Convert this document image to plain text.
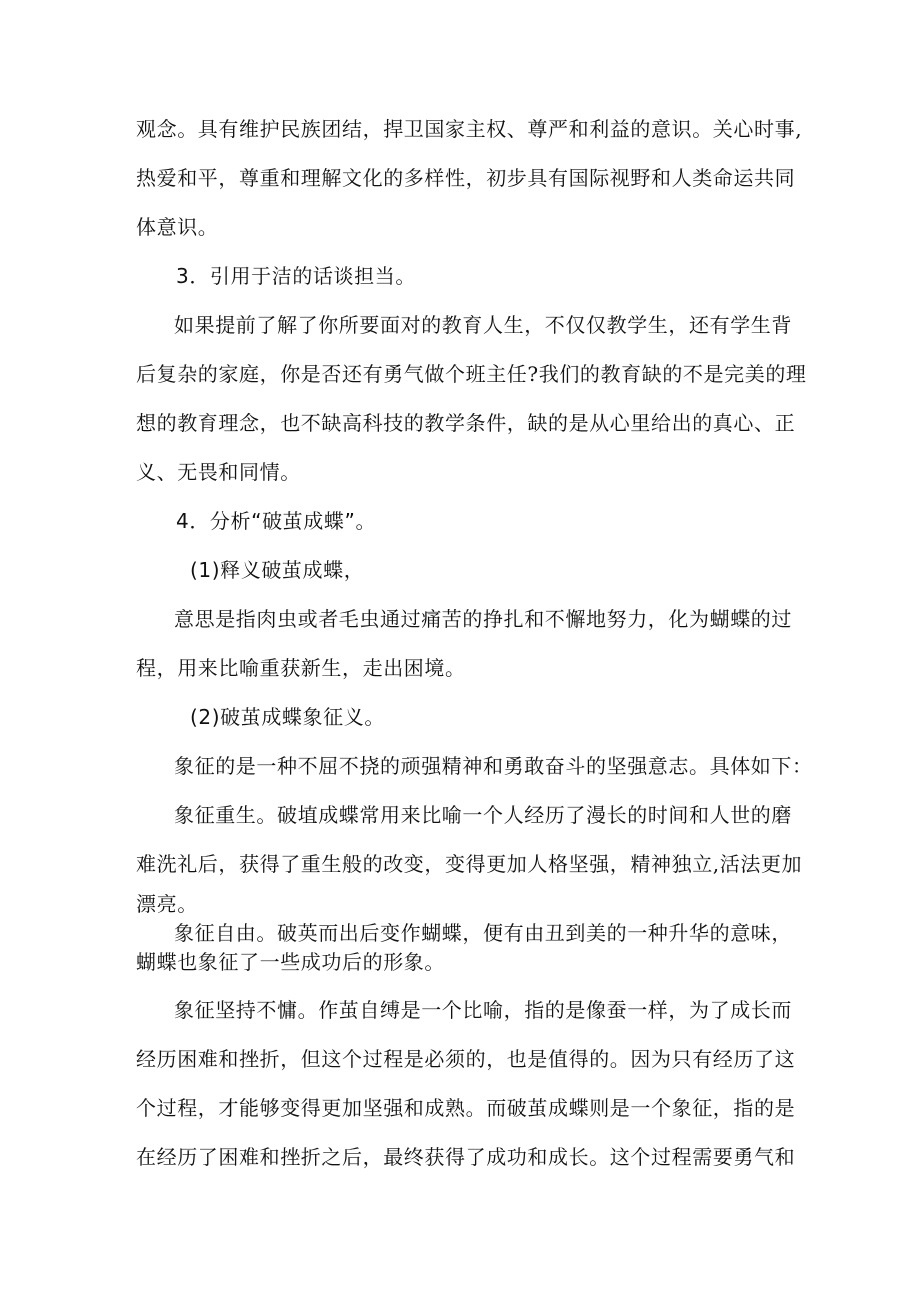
观念。具有维护民族团结，捍卫国家主权、尊严和利益的意识。关心时事,
热爱和平，尊重和理解文化的多样性，初步具有国际视野和人类命运共同
体意识。
3．引用于洁的话谈担当。
如果提前了解了你所要面对的教育人生，不仅仅教学生，还有学生背
后复杂的家庭，你是否还有勇气做个班主任?我们的教育缺的不是完美的理
想的教育理念，也不缺高科技的教学条件，缺的是从心里给出的真心、正
义、无畏和同情。
4．分析“破茧成蝶”。
(1)释义破茧成蝶，
意思是指肉虫或者毛虫通过痛苦的挣扎和不懈地努力，化为蝴蝶的过
程，用来比喻重获新生，走出困境。
(2)破茧成蝶象征义。
象征的是一种不屈不挠的顽强精神和勇敢奋斗的坚强意志。具体如下：
象征重生。破埴成蝶常用来比喻一个人经历了漫长的时间和人世的磨
难洗礼后，获得了重生般的改变，变得更加人格坚强，精神独立,活法更加
漂亮。
象征自由。破英而出后变作蝴蝶，便有由丑到美的一种升华的意味，
蝴蝶也象征了一些成功后的形象。
象征坚持不慵。作茧自缚是一个比喻，指的是像蚕一样，为了成长而
经历困难和挫折，但这个过程是必须的，也是值得的。因为只有经历了这
个过程，才能够变得更加坚强和成熟。而破茧成蝶则是一个象征，指的是
在经历了困难和挫折之后，最终获得了成功和成长。这个过程需要勇气和
